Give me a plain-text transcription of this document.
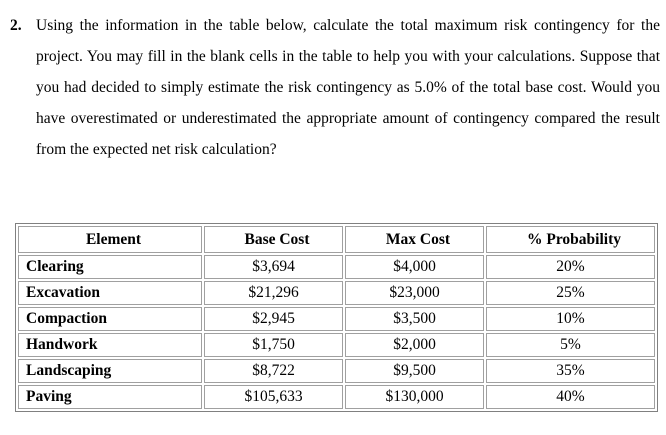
2. Using the information in the table below, calculate the total maximum risk contingency for the project. You may fill in the blank cells in the table to help you with your calculations. Suppose that you had decided to simply estimate the risk contingency as 5.0% of the total base cost. Would you have overestimated or underestimated the appropriate amount of contingency compared the result from the expected net risk calculation?
Element	Base Cost	Max Cost	% Probability
Clearing	$3,694	$4,000	20%
Excavation	$21,296	$23,000	25%
Compaction	$2,945	$3,500	10%
Handwork	$1,750	$2,000	5%
Landscaping	$8,722	$9,500	35%
Paving	$105,633	$130,000	40%
